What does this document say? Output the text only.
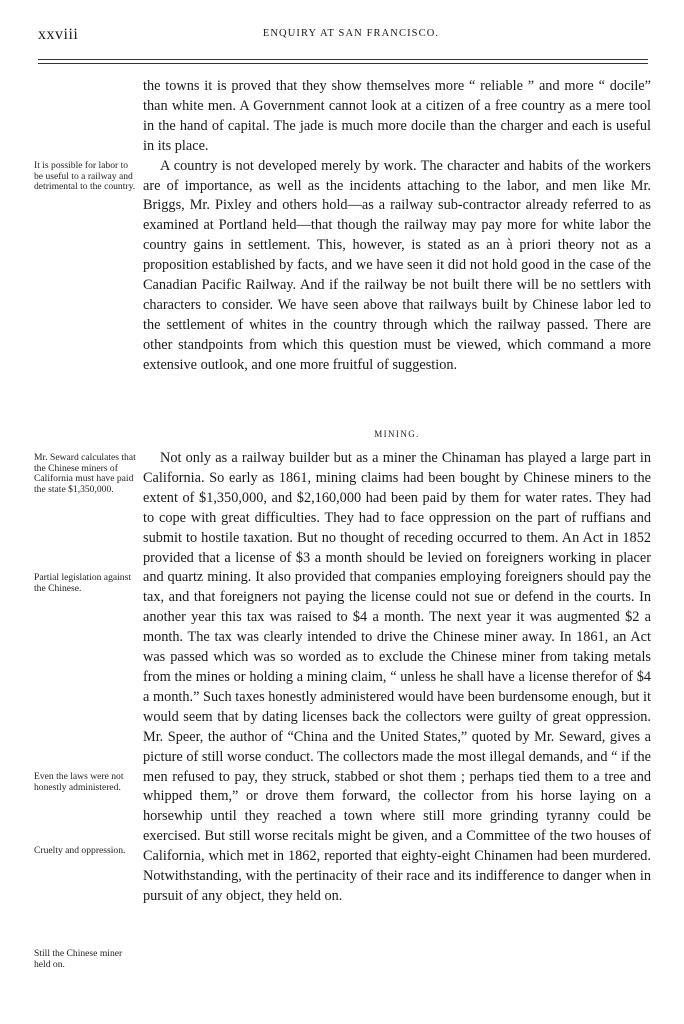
xxviii	ENQUIRY AT SAN FRANCISCO.
It is possible for labor to be useful to a railway and detrimental to the country.
Mr. Seward calculates that the Chinese miners of California must have paid the state $1,350,000.
Partial legislation against the Chinese.
Even the laws were not honestly administered.
Cruelty and oppression.
Still the Chinese miner held on.

the towns it is proved that they show themselves more “ reliable ” and more “ docile” than white men. A Government cannot look at a citizen of a free country as a mere tool in the hand of capital. The jade is much more docile than the charger and each is useful in its place.

A country is not developed merely by work. The character and habits of the workers are of importance, as well as the incidents attaching to the labor, and men like Mr. Briggs, Mr. Pixley and others hold—as a railway sub-contractor already referred to as examined at Portland held—that though the railway may pay more for white labor the country gains in settlement. This, however, is stated as an à priori theory not as a proposition established by facts, and we have seen it did not hold good in the case of the Canadian Pacific Railway. And if the railway be not built there will be no settlers with characters to consider. We have seen above that railways built by Chinese labor led to the settlement of whites in the country through which the railway passed. There are other standpoints from which this question must be viewed, which command a more extensive outlook, and one more fruitful of suggestion.

MINING.

Not only as a railway builder but as a miner the Chinaman has played a large part in California. So early as 1861, mining claims had been bought by Chinese miners to the extent of $1,350,000, and $2,160,000 had been paid by them for water rates. They had to cope with great difficulties. They had to face oppression on the part of ruffians and submit to hostile taxation. But no thought of receding occurred to them. An Act in 1852 provided that a license of $3 a month should be levied on foreigners working in placer and quartz mining. It also provided that companies employing foreigners should pay the tax, and that foreigners not paying the license could not sue or defend in the courts. In another year this tax was raised to $4 a month. The next year it was augmented $2 a month. The tax was clearly intended to drive the Chinese miner away. In 1861, an Act was passed which was so worded as to exclude the Chinese miner from taking metals from the mines or holding a mining claim, “ unless he shall have a license therefor of $4 a month.” Such taxes honestly administered would have been burdensome enough, but it would seem that by dating licenses back the collectors were guilty of great oppression. Mr. Speer, the author of “China and the United States,” quoted by Mr. Seward, gives a picture of still worse conduct. The collectors made the most illegal demands, and “ if the men refused to pay, they struck, stabbed or shot them ; perhaps tied them to a tree and whipped them,” or drove them forward, the collector from his horse laying on a horsewhip until they reached a town where still more grinding tyranny could be exercised. But still worse recitals might be given, and a Committee of the two houses of California, which met in 1862, reported that eighty-eight Chinamen had been murdered. Notwithstanding, with the pertinacity of their race and its indifference to danger when in pursuit of any object, they held on.
